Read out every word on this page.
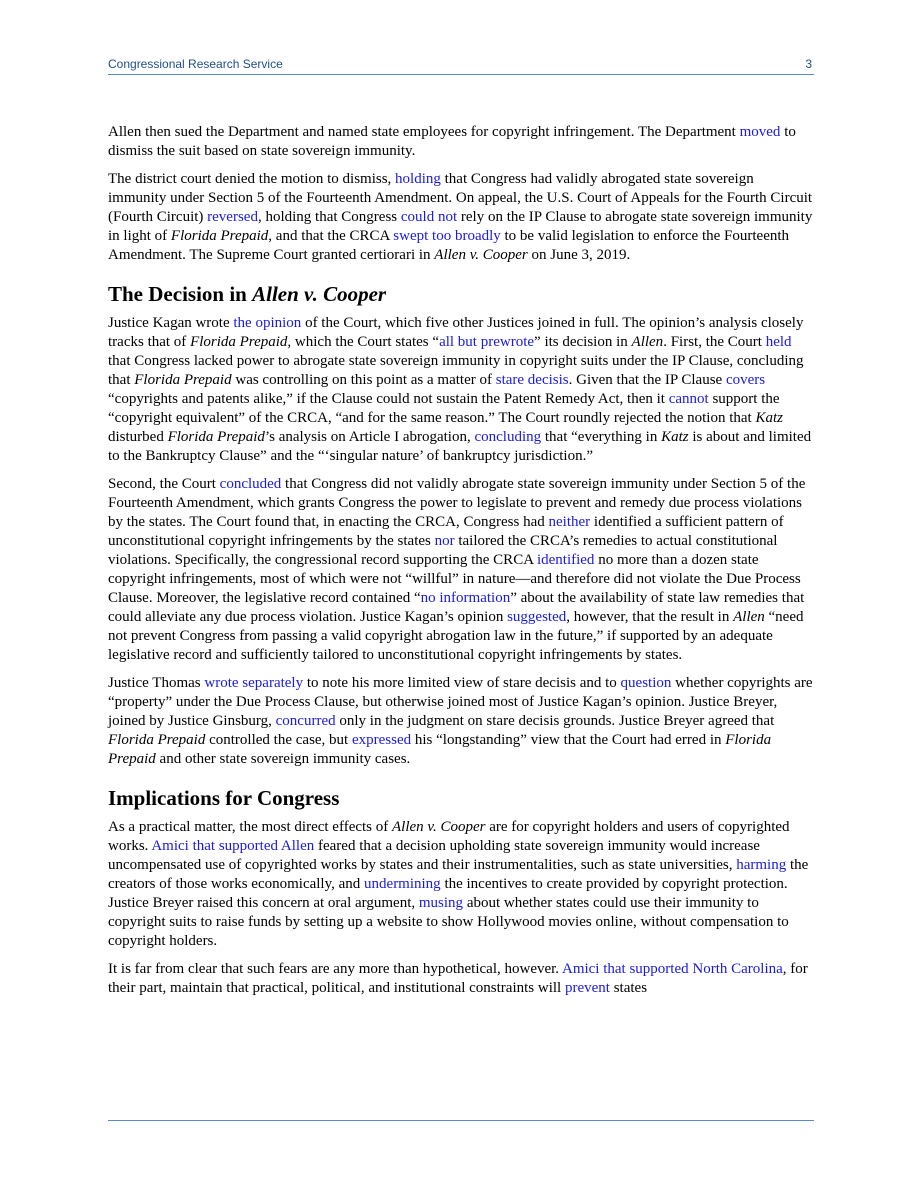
Congressional Research Service	3

Allen then sued the Department and named state employees for copyright infringement. The Department moved to dismiss the suit based on state sovereign immunity.

The district court denied the motion to dismiss, holding that Congress had validly abrogated state sovereign immunity under Section 5 of the Fourteenth Amendment. On appeal, the U.S. Court of Appeals for the Fourth Circuit (Fourth Circuit) reversed, holding that Congress could not rely on the IP Clause to abrogate state sovereign immunity in light of Florida Prepaid, and that the CRCA swept too broadly to be valid legislation to enforce the Fourteenth Amendment. The Supreme Court granted certiorari in Allen v. Cooper on June 3, 2019.

The Decision in Allen v. Cooper

Justice Kagan wrote the opinion of the Court, which five other Justices joined in full. The opinion’s analysis closely tracks that of Florida Prepaid, which the Court states “all but prewrote” its decision in Allen. First, the Court held that Congress lacked power to abrogate state sovereign immunity in copyright suits under the IP Clause, concluding that Florida Prepaid was controlling on this point as a matter of stare decisis. Given that the IP Clause covers “copyrights and patents alike,” if the Clause could not sustain the Patent Remedy Act, then it cannot support the “copyright equivalent” of the CRCA, “and for the same reason.” The Court roundly rejected the notion that Katz disturbed Florida Prepaid’s analysis on Article I abrogation, concluding that “everything in Katz is about and limited to the Bankruptcy Clause” and the “‘singular nature’ of bankruptcy jurisdiction.”

Second, the Court concluded that Congress did not validly abrogate state sovereign immunity under Section 5 of the Fourteenth Amendment, which grants Congress the power to legislate to prevent and remedy due process violations by the states. The Court found that, in enacting the CRCA, Congress had neither identified a sufficient pattern of unconstitutional copyright infringements by the states nor tailored the CRCA’s remedies to actual constitutional violations. Specifically, the congressional record supporting the CRCA identified no more than a dozen state copyright infringements, most of which were not “willful” in nature—and therefore did not violate the Due Process Clause. Moreover, the legislative record contained “no information” about the availability of state law remedies that could alleviate any due process violation. Justice Kagan’s opinion suggested, however, that the result in Allen “need not prevent Congress from passing a valid copyright abrogation law in the future,” if supported by an adequate legislative record and sufficiently tailored to unconstitutional copyright infringements by states.

Justice Thomas wrote separately to note his more limited view of stare decisis and to question whether copyrights are “property” under the Due Process Clause, but otherwise joined most of Justice Kagan’s opinion. Justice Breyer, joined by Justice Ginsburg, concurred only in the judgment on stare decisis grounds. Justice Breyer agreed that Florida Prepaid controlled the case, but expressed his “longstanding” view that the Court had erred in Florida Prepaid and other state sovereign immunity cases.

Implications for Congress

As a practical matter, the most direct effects of Allen v. Cooper are for copyright holders and users of copyrighted works. Amici that supported Allen feared that a decision upholding state sovereign immunity would increase uncompensated use of copyrighted works by states and their instrumentalities, such as state universities, harming the creators of those works economically, and undermining the incentives to create provided by copyright protection. Justice Breyer raised this concern at oral argument, musing about whether states could use their immunity to copyright suits to raise funds by setting up a website to show Hollywood movies online, without compensation to copyright holders.

It is far from clear that such fears are any more than hypothetical, however. Amici that supported North Carolina, for their part, maintain that practical, political, and institutional constraints will prevent states
